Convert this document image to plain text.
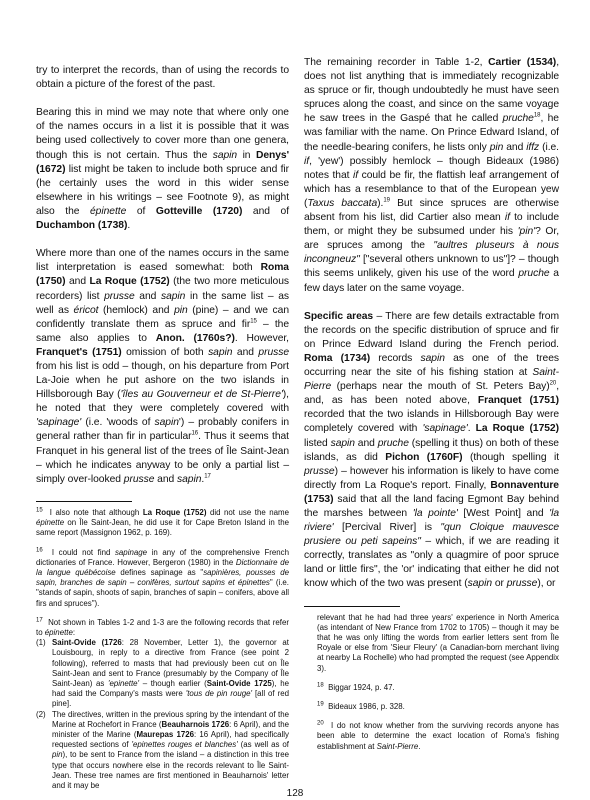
try to interpret the records, than of using the records to obtain a picture of the forest of the past.

Bearing this in mind we may note that where only one of the names occurs in a list it is possible that it was being used collectively to cover more than one genera, though this is not certain. Thus the sapin in Denys' (1672) list might be taken to include both spruce and fir (he certainly uses the word in this wider sense elsewhere in his writings – see Footnote 9), as might also the épinette of Gotteville (1720) and of Duchambon (1738).

Where more than one of the names occurs in the same list interpretation is eased somewhat: both Roma (1750) and La Roque (1752) (the two more meticulous recorders) list prusse and sapin in the same list – as well as éricot (hemlock) and pin (pine) – and we can confidently translate them as spruce and fir$^{15}$ – the same also applies to Anon. (1760s?). However, Franquet's (1751) omission of both sapin and prusse from his list is odd – though, on his departure from Port La-Joie when he put ashore on the two islands in Hillsborough Bay ('îles au Gouverneur et de St-Pierre'), he noted that they were completely covered with 'sapinage' (i.e. 'woods of sapin') – probably conifers in general rather than fir in particular$^{16}$. Thus it seems that Franquet in his general list of the trees of Île Saint-Jean – which he indicates anyway to be only a partial list – simply over-looked prusse and sapin.$^{17}$

$^{15}$  I also note that although La Roque (1752) did not use the name épinette on Île Saint-Jean, he did use it for Cape Breton Island in the same report (Massignon 1962, p. 169).

$^{16}$  I could not find sapinage in any of the comprehensive French dictionaries of France. However, Bergeron (1980) in the Dictionnaire de la langue québécoise defines sapinage as "sapinières, pousses de sapin, branches de sapin – conifères, surtout sapins et épinettes" (i.e. "stands of sapin, shoots of sapin, branches of sapin – conifers, above all firs and spruces").

$^{17}$  Not shown in Tables 1-2 and 1-3 are the following records that refer to épinette:
(1) Saint-Ovide (1726: 28 November, Letter 1), the governor at Louisbourg, in reply to a directive from France (see point 2 following), referred to masts that had previously been cut on Île Saint-Jean and sent to France (presumably by the Company of Île Saint-Jean) as 'epinette' – though earlier (Saint-Ovide 1725), he had said the Company's masts were 'tous de pin rouge' [all of red pine].
(2) The directives, written in the previous spring by the intendant of the Marine at Rochefort in France (Beauharnois 1726: 6 April), and the minister of the Marine (Maurepas 1726: 16 April), had specifically requested sections of 'epinettes rouges et blanches' (as well as of pin), to be sent to France from the island – a distinction in this tree type that occurs nowhere else in the records relevant to Île Saint-Jean. These tree names are first mentioned in Beauharnois' letter and it may be

The remaining recorder in Table 1-2, Cartier (1534), does not list anything that is immediately recognizable as spruce or fir, though undoubtedly he must have seen spruces along the coast, and since on the same voyage he saw trees in the Gaspé that he called pruche$^{18}$, he was familiar with the name. On Prince Edward Island, of the needle-bearing conifers, he lists only pin and iffz (i.e. if, 'yew') possibly hemlock – though Bideaux (1986) notes that if could be fir, the flattish leaf arrangement of which has a resemblance to that of the European yew (Taxus baccata).$^{19}$ But since spruces are otherwise absent from his list, did Cartier also mean if to include them, or might they be subsumed under his 'pin'? Or, are spruces among the "aultres pluseurs à nous incongneuz" ["several others unknown to us"]? – though this seems unlikely, given his use of the word pruche a few days later on the same voyage.

Specific areas – There are few details extractable from the records on the specific distribution of spruce and fir on Prince Edward Island during the French period. Roma (1734) records sapin as one of the trees occurring near the site of his fishing station at Saint-Pierre (perhaps near the mouth of St. Peters Bay)$^{20}$, and, as has been noted above, Franquet (1751) recorded that the two islands in Hillsborough Bay were completely covered with 'sapinage'. La Roque (1752) listed sapin and pruche (spelling it thus) on both of these islands, as did Pichon (1760F) (though spelling it prusse) – however his information is likely to have come directly from La Roque's report. Finally, Bonnaventure (1753) said that all the land facing Egmont Bay behind the marshes between 'la pointe' [West Point] and 'la riviere' [Percival River] is "qun Cloique mauvesce prusiere ou peti sapeins" – which, if we are reading it correctly, translates as "only a quagmire of poor spruce land or little firs", the 'or' indicating that either he did not know which of the two was present (sapin or prusse), or

relevant that he had had three years' experience in North America (as intendant of New France from 1702 to 1705) – though it may be that he was only lifting the words from earlier letters sent from Île Royale or else from 'Sieur Fleury' (a Canadian-born merchant living at nearby La Rochelle) who had prompted the request (see Appendix 3).

$^{18}$  Biggar 1924, p. 47.

$^{19}$  Bideaux 1986, p. 328.

$^{20}$  I do not know whether from the surviving records anyone has been able to determine the exact location of Roma's fishing establishment at Saint-Pierre.

128
